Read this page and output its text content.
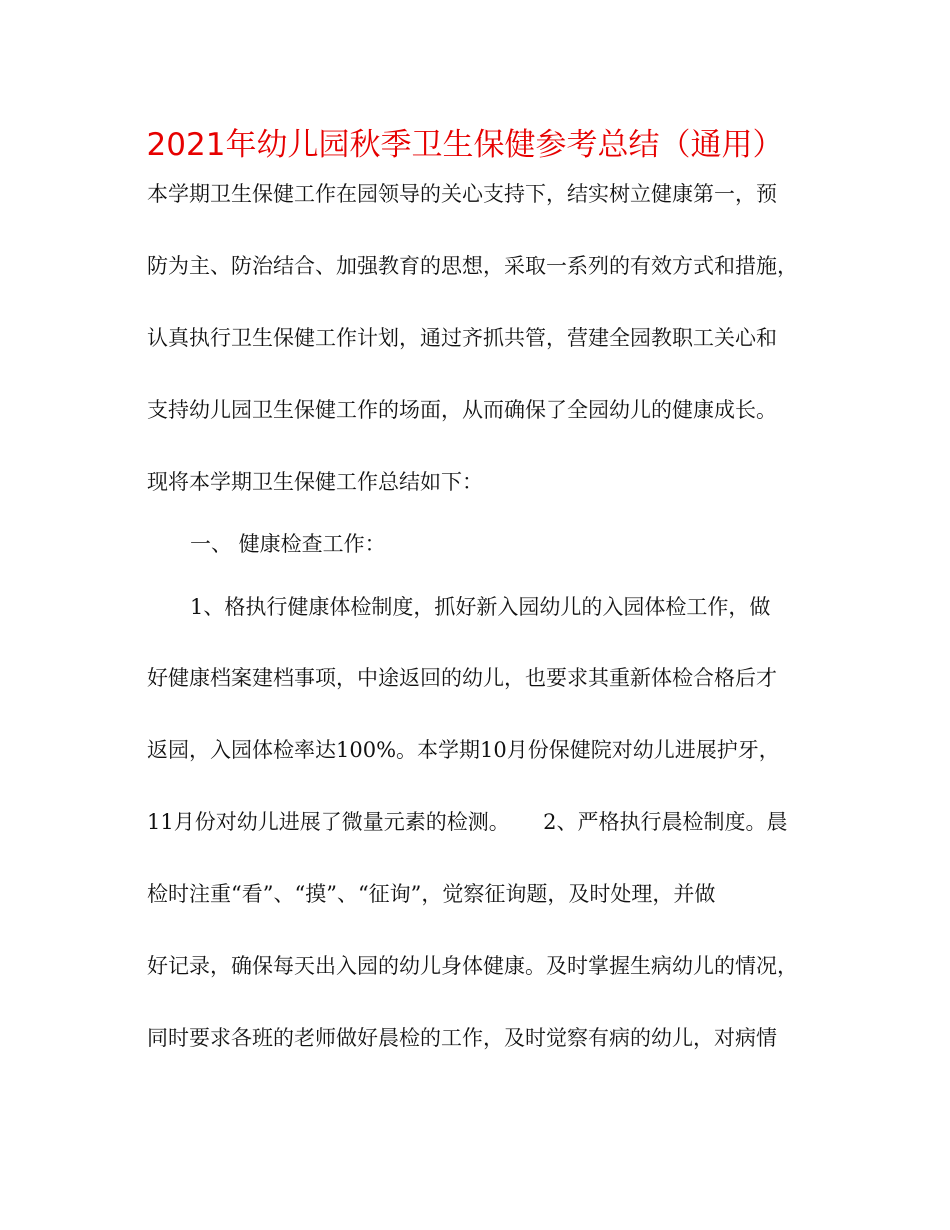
2021年幼儿园秋季卫生保健参考总结（通用）
本学期卫生保健工作在园领导的关心支持下，结实树立健康第一，预
防为主、防治结合、加强教育的思想，采取一系列的有效方式和措施，
认真执行卫生保健工作计划，通过齐抓共管，营建全园教职工关心和
支持幼儿园卫生保健工作的场面，从而确保了全园幼儿的健康成长。
现将本学期卫生保健工作总结如下：
一、 健康检查工作：
1、格执行健康体检制度，抓好新入园幼儿的入园体检工作，做
好健康档案建档事项，中途返回的幼儿，也要求其重新体检合格后才
返园，入园体检率达100%。本学期10月份保健院对幼儿进展护牙，
11月份对幼儿进展了微量元素的检测。     2、严格执行晨检制度。晨
检时注重“看”、“摸”、“征询”，觉察征询题，及时处理，并做
好记录，确保每天出入园的幼儿身体健康。及时掌握生病幼儿的情况，
同时要求各班的老师做好晨检的工作，及时觉察有病的幼儿，对病情
